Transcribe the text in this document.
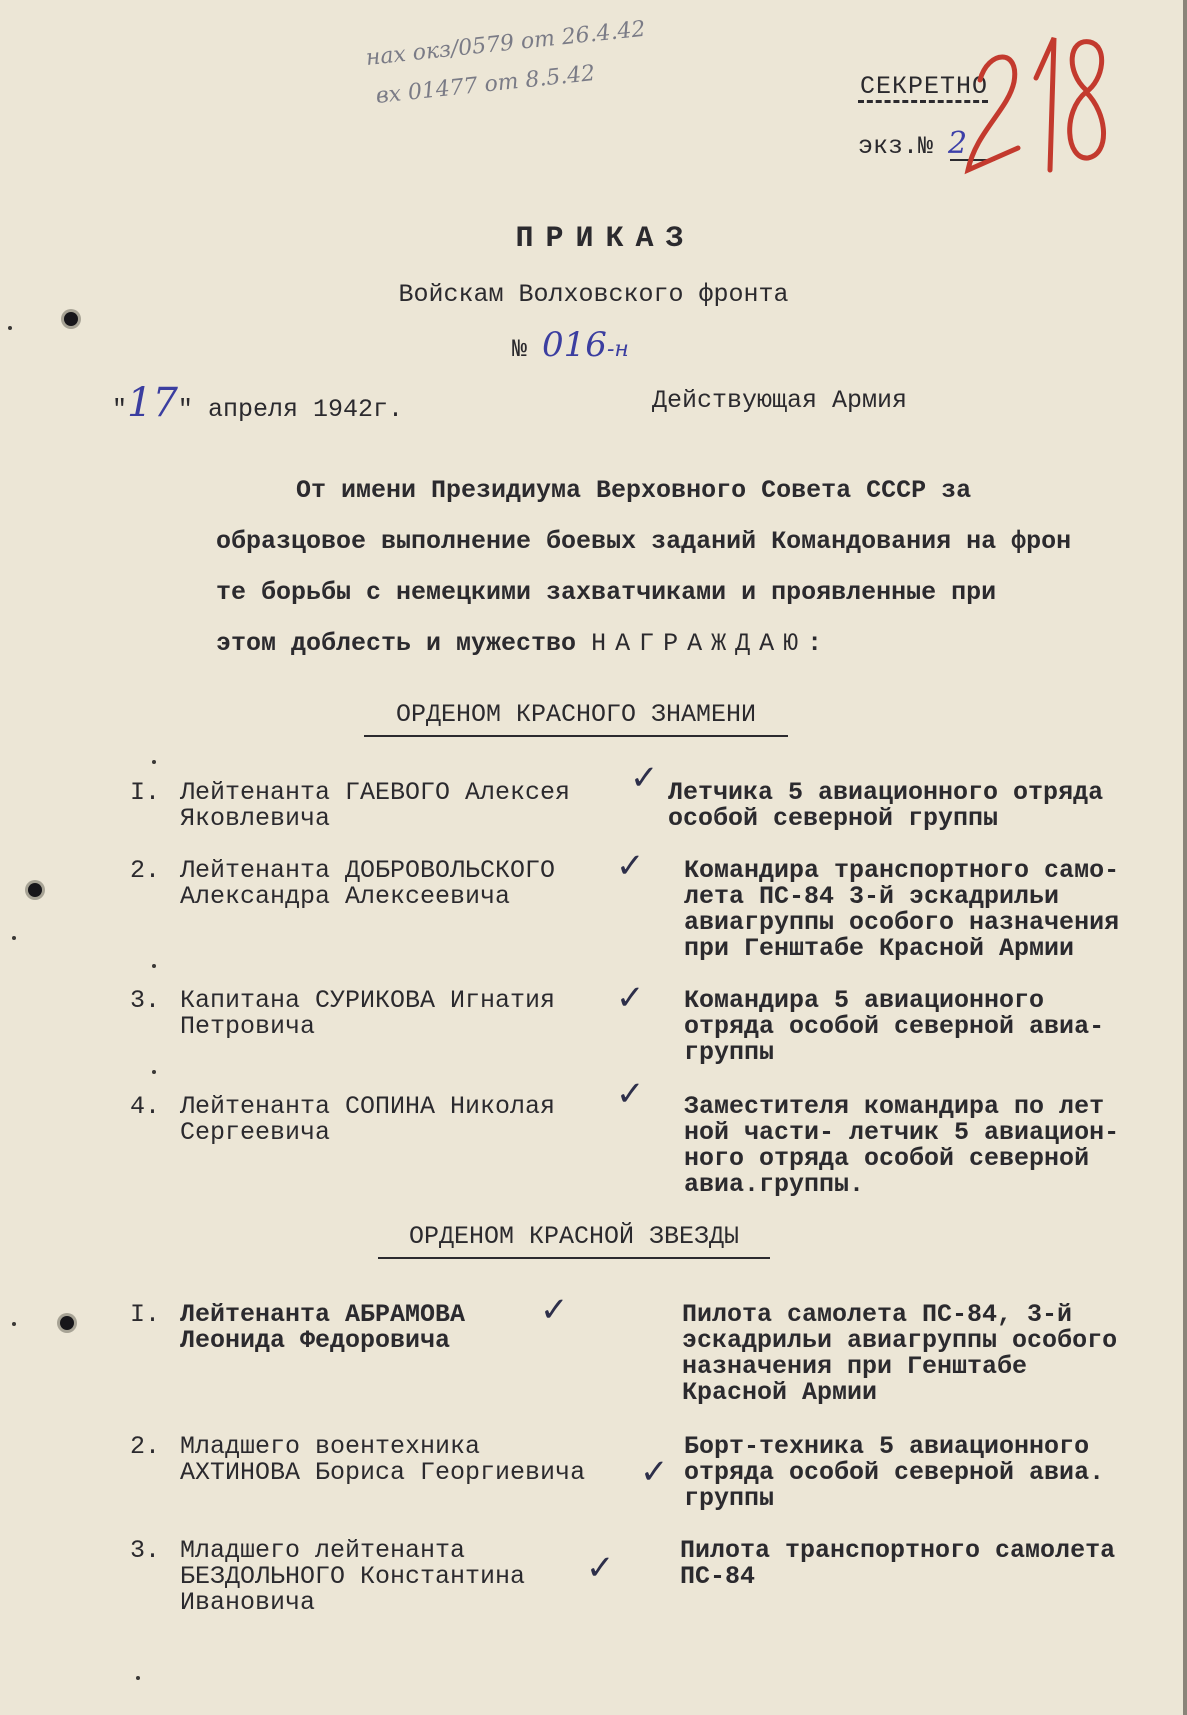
нах окз/0579 от 26.4.42
вх 01477 от 8.5.42	СЕКРЕТНО
экз.№ 2
ПРИКАЗ
Войскам Волховского фронта
№ 016-н
"17" апреля 1942г.	Действующая Армия
От имени Президиума Верховного Совета СССР за
образцовое выполнение боевых заданий Командования на фрон
те борьбы с немецкими захватчиками и проявленные при
этом доблесть и мужество НАГРАЖДАЮ:
ОРДЕНОМ КРАСНОГО ЗНАМЕНИ
I. Лейтенанта ГАЕВОГО Алексея
Яковлевича
Летчика 5 авиационного отряда
особой северной группы
✓
2. Лейтенанта ДОБРОВОЛЬСКОГО
Александра Алексеевича
Командира транспортного само-
лета ПС-84 3-й эскадрильи
авиагруппы особого назначения
при Генштабе Красной Армии
✓
3. Капитана СУРИКОВА Игнатия
Петровича
Командира 5 авиационного
отряда особой северной авиа-
группы
✓
4. Лейтенанта СОПИНА Николая
Сергеевича
Заместителя командира по лет
ной части- летчик 5 авиацион-
ного отряда особой северной
авиа.группы.
✓
ОРДЕНОМ КРАСНОЙ ЗВЕЗДЫ
I. Лейтенанта АБРАМОВА
Леонида Федоровича
Пилота самолета ПС-84, 3-й
эскадрильи авиагруппы особого
назначения при Генштабе
Красной Армии
✓
2. Младшего воентехника
АХТИНОВА Бориса Георгиевича
Борт-техника 5 авиационного
отряда особой северной авиа.
группы
✓
3. Младшего лейтенанта
БЕЗДОЛЬНОГО Константина
Ивановича
Пилота транспортного самолета
ПС-84
✓
